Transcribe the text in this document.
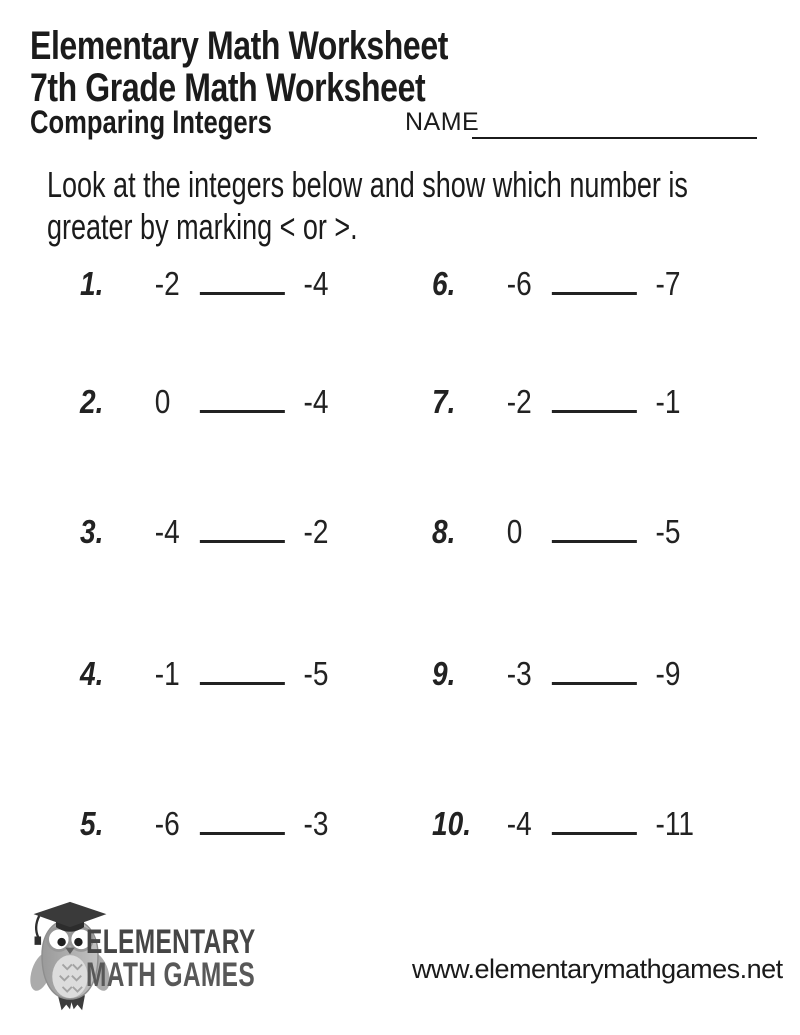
Elementary Math Worksheet
7th Grade Math Worksheet
Comparing Integers	NAME
Look at the integers below and show which number is
greater by marking < or >.
1.	-2	-4
2.	0	-4
3.	-4	-2
4.	-1	-5
5.	-6	-3
6.	-6	-7
7.	-2	-1
8.	0	-5
9.	-3	-9
10.	-4	-11
ELEMENTARY
MATH GAMES	www.elementarymathgames.net
